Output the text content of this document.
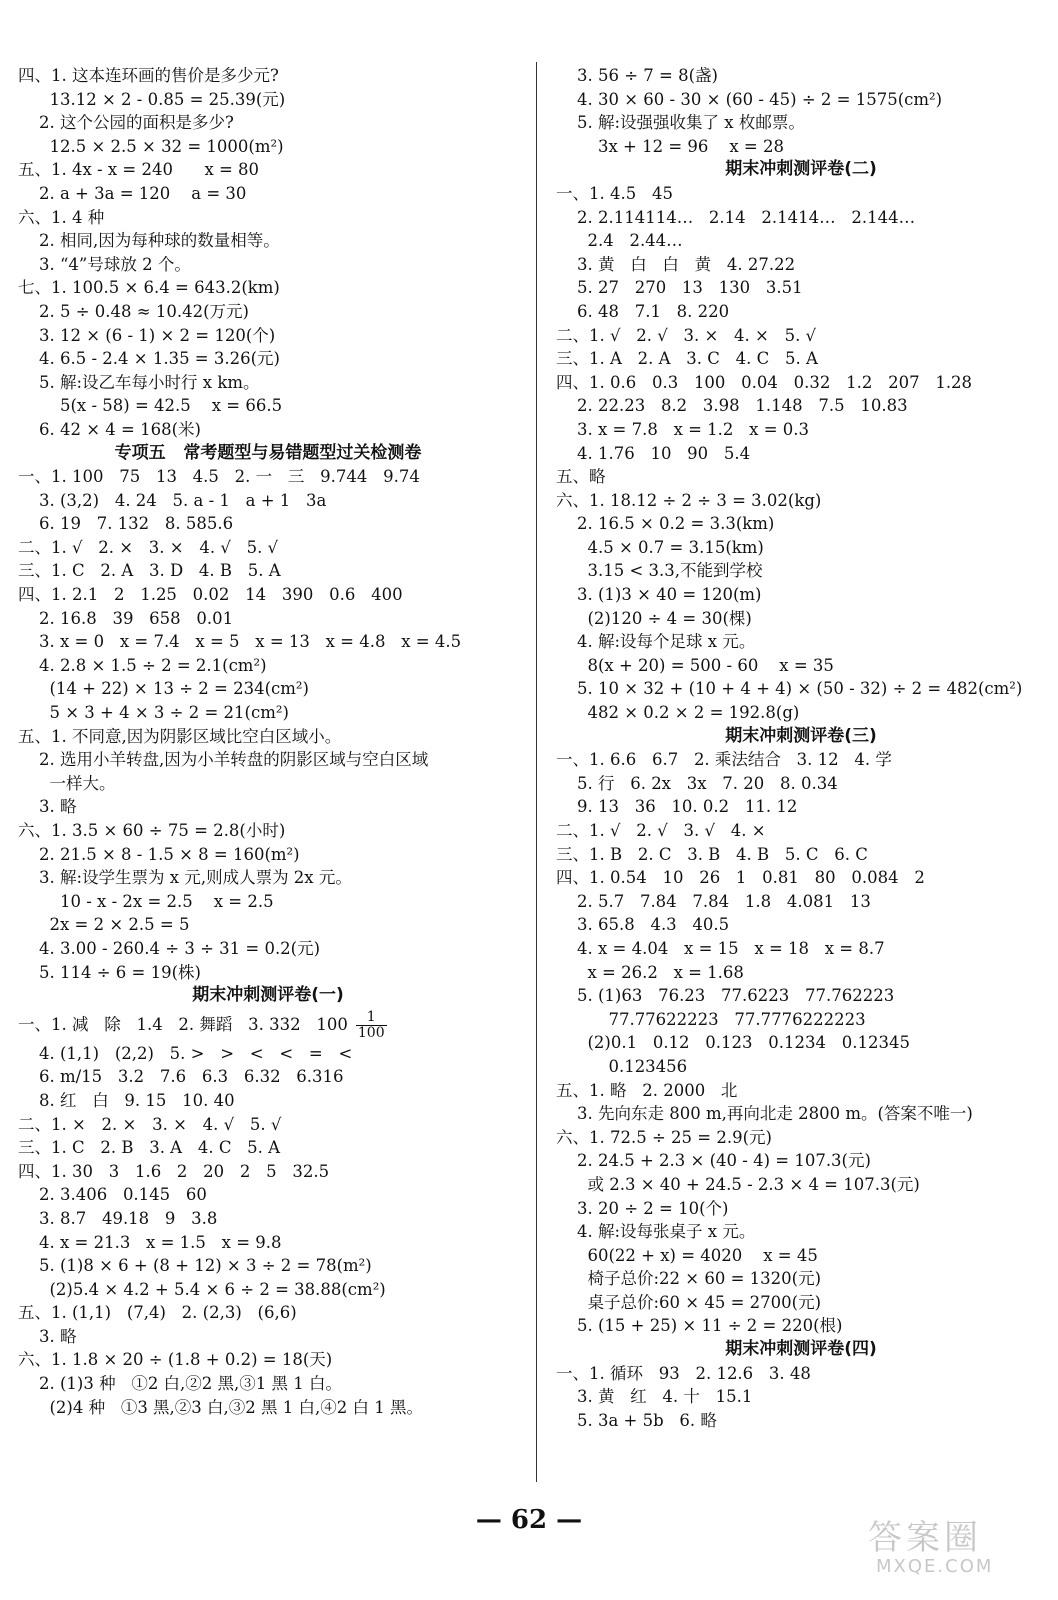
四、1. 这本连环画的售价是多少元?
13.12 × 2 - 0.85 = 25.39(元)
2. 这个公园的面积是多少?
12.5 × 2.5 × 32 = 1000(m²)
五、1. 4x - x = 240      x = 80
2. a + 3a = 120    a = 30
六、1. 4 种
2. 相同,因为每种球的数量相等。
3. “4”号球放 2 个。
七、1. 100.5 × 6.4 = 643.2(km)
2. 5 ÷ 0.48 ≈ 10.42(万元)
3. 12 × (6 - 1) × 2 = 120(个)
4. 6.5 - 2.4 × 1.35 = 3.26(元)
5. 解:设乙车每小时行 x km。
5(x - 58) = 42.5    x = 66.5
6. 42 × 4 = 168(米)
专项五   常考题型与易错题型过关检测卷
一、1. 100   75   13   4.5   2. 一   三   9.744   9.74
3. (3,2)   4. 24   5. a - 1   a + 1   3a
6. 19   7. 132   8. 585.6
二、1. √   2. ×   3. ×   4. √   5. √
三、1. C   2. A   3. D   4. B   5. A
四、1. 2.1   2   1.25   0.02   14   390   0.6   400
2. 16.8   39   658   0.01
3. x = 0   x = 7.4   x = 5   x = 13   x = 4.8   x = 4.5
4. 2.8 × 1.5 ÷ 2 = 2.1(cm²)
(14 + 22) × 13 ÷ 2 = 234(cm²)
5 × 3 + 4 × 3 ÷ 2 = 21(cm²)
五、1. 不同意,因为阴影区域比空白区域小。
2. 选用小羊转盘,因为小羊转盘的阴影区域与空白区域
一样大。
3. 略
六、1. 3.5 × 60 ÷ 75 = 2.8(小时)
2. 21.5 × 8 - 1.5 × 8 = 160(m²)
3. 解:设学生票为 x 元,则成人票为 2x 元。
10 - x - 2x = 2.5    x = 2.5
2x = 2 × 2.5 = 5
4. 3.00 - 260.4 ÷ 3 ÷ 31 = 0.2(元)
5. 114 ÷ 6 = 19(株)
期末冲刺测评卷(一)
一、1. 减   除   1.4   2. 舞蹈   3. 332   $100 \frac{1}{100}$
4. (1,1)   (2,2)   5. >   >   <   <   =   <
6. m/15   3.2   7.6   6.3   6.32   6.316
8. 红   白   9. 15   10. 40
二、1. ×   2. ×   3. ×   4. √   5. √
三、1. C   2. B   3. A   4. C   5. A
四、1. 30   3   1.6   2   20   2   5   32.5
2. 3.406   0.145   60
3. 8.7   49.18   9   3.8
4. x = 21.3   x = 1.5   x = 9.8
5. (1)8 × 6 + (8 + 12) × 3 ÷ 2 = 78(m²)
(2)5.4 × 4.2 + 5.4 × 6 ÷ 2 = 38.88(cm²)
五、1. (1,1)   (7,4)   2. (2,3)   (6,6)
3. 略
六、1. 1.8 × 20 ÷ (1.8 + 0.2) = 18(天)
2. (1)3 种   ①2 白,②2 黑,③1 黑 1 白。
(2)4 种   ①3 黑,②3 白,③2 黑 1 白,④2 白 1 黑。
3. 56 ÷ 7 = 8(盏)
4. 30 × 60 - 30 × (60 - 45) ÷ 2 = 1575(cm²)
5. 解:设强强收集了 x 枚邮票。
3x + 12 = 96    x = 28
期末冲刺测评卷(二)
一、1. 4.5   45
2. 2.114114…   2.14   2.1414…   2.144…
2.4   2.44…
3. 黄   白   白   黄   4. 27.22
5. 27   270   13   130   3.51
6. 48   7.1   8. 220
二、1. √   2. √   3. ×   4. ×   5. √
三、1. A   2. A   3. C   4. C   5. A
四、1. 0.6   0.3   100   0.04   0.32   1.2   207   1.28
2. 22.23   8.2   3.98   1.148   7.5   10.83
3. x = 7.8   x = 1.2   x = 0.3
4. 1.76   10   90   5.4
五、略
六、1. 18.12 ÷ 2 ÷ 3 = 3.02(kg)
2. 16.5 × 0.2 = 3.3(km)
4.5 × 0.7 = 3.15(km)
3.15 < 3.3,不能到学校
3. (1)3 × 40 = 120(m)
(2)120 ÷ 4 = 30(棵)
4. 解:设每个足球 x 元。
8(x + 20) = 500 - 60    x = 35
5. 10 × 32 + (10 + 4 + 4) × (50 - 32) ÷ 2 = 482(cm²)
482 × 0.2 × 2 = 192.8(g)
期末冲刺测评卷(三)
一、1. 6.6   6.7   2. 乘法结合   3. 12   4. 学
5. 行   6. 2x   3x   7. 20   8. 0.34
9. 13   36   10. 0.2   11. 12
二、1. √   2. √   3. √   4. ×
三、1. B   2. C   3. B   4. B   5. C   6. C
四、1. 0.54   10   26   1   0.81   80   0.084   2
2. 5.7   7.84   7.84   1.8   4.081   13
3. 65.8   4.3   40.5
4. x = 4.04   x = 15   x = 18   x = 8.7
x = 26.2   x = 1.68
5. (1)63   76.23   77.6223   77.762223
77.77622223   77.7776222223
(2)0.1   0.12   0.123   0.1234   0.12345
0.123456
五、1. 略   2. 2000   北
3. 先向东走 800 m,再向北走 2800 m。(答案不唯一)
六、1. 72.5 ÷ 25 = 2.9(元)
2. 24.5 + 2.3 × (40 - 4) = 107.3(元)
或 2.3 × 40 + 24.5 - 2.3 × 4 = 107.3(元)
3. 20 ÷ 2 = 10(个)
4. 解:设每张桌子 x 元。
60(22 + x) = 4020    x = 45
椅子总价:22 × 60 = 1320(元)
桌子总价:60 × 45 = 2700(元)
5. (15 + 25) × 11 ÷ 2 = 220(根)
期末冲刺测评卷(四)
一、1. 循环   93   2. 12.6   3. 48
3. 黄   红   4. 十   15.1
5. 3a + 5b   6. 略
— 62 —	答案圈
MXQE.COM
